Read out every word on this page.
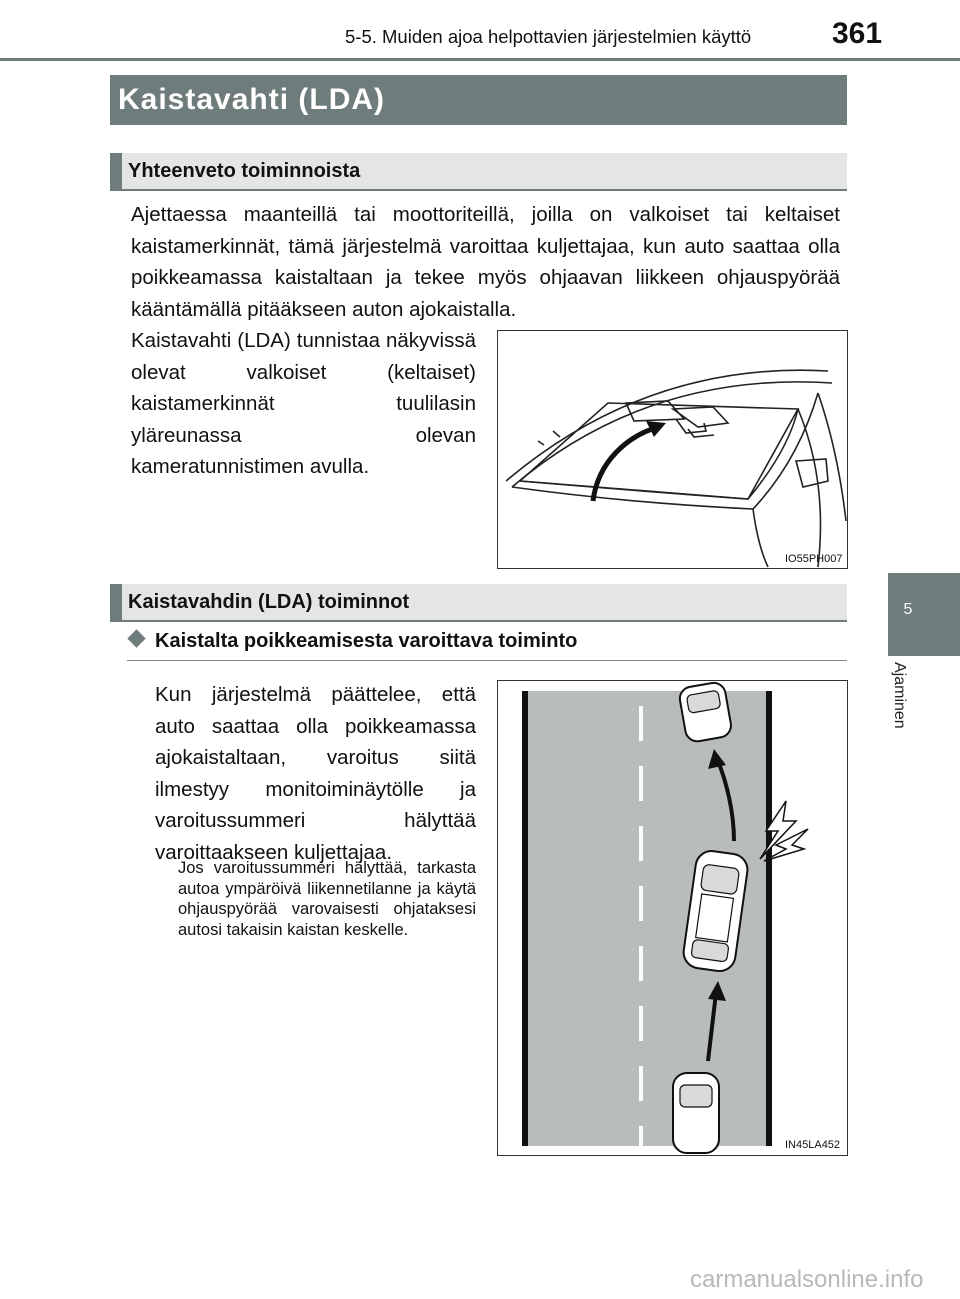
5-5. Muiden ajoa helpottavien järjestelmien käyttö	361
5
Ajaminen
Kaistavahti (LDA)
Yhteenveto toiminnoista
Ajettaessa maanteillä tai moottoriteillä, joilla on valkoiset tai keltaiset kaistamerkinnät, tämä järjestelmä varoittaa kuljettajaa, kun auto saattaa olla poikkeamassa kaistaltaan ja tekee myös ohjaavan liikkeen ohjauspyörää kääntämällä pitääkseen auton ajokaistalla.
Kaistavahti (LDA) tunnistaa näkyvissä olevat valkoiset (keltaiset) kaistamerkinnät tuulilasin yläreunassa olevan kameratunnistimen avulla.
IO55PH007
Kaistavahdin (LDA) toiminnot
Kaistalta poikkeamisesta varoittava toiminto
Kun järjestelmä päättelee, että auto saattaa olla poikkeamassa ajokaistaltaan, varoitus siitä ilmestyy monitoiminäytölle ja varoitussummeri hälyttää varoittaakseen kuljettajaa.
Jos varoitussummeri hälyttää, tarkasta autoa ympäröivä liikennetilanne ja käytä ohjauspyörää varovaisesti ohjataksesi autosi takaisin kaistan keskelle.
IN45LA452
carmanualsonline.info
